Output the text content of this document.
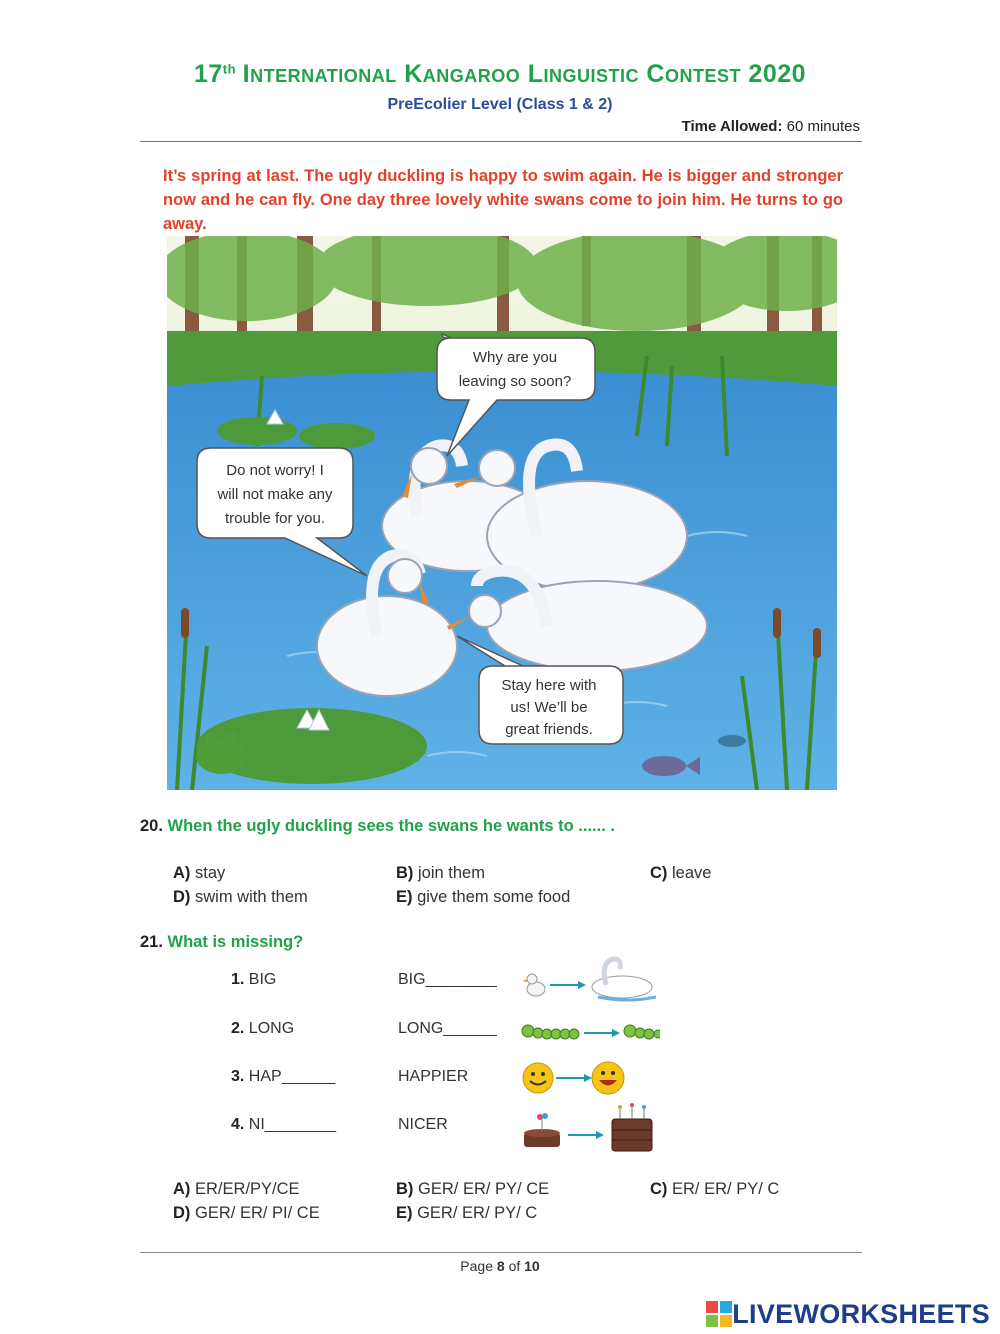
17th International Kangaroo Linguistic Contest 2020
PreEcolier Level (Class 1 & 2)
Time Allowed: 60 minutes
It’s spring at last. The ugly duckling is happy to swim again. He is bigger and stronger now and he can fly. One day three lovely white swans come to join him. He turns to go away.
Why are you
leaving so soon?
Do not worry! I
will not make any
trouble for you.
Stay here with
us! We’ll be
great friends.
20. When the ugly duckling sees the swans he wants to ...... .
A) stay	B) join them	C) leave
D) swim with them	E) give them some food
21. What is missing?
1. BIG	BIG________
2. LONG	LONG______
3. HAP______	HAPPIER
4. NI________	NICER
A) ER/ER/PY/CE	B) GER/ ER/ PY/ CE	C) ER/ ER/ PY/ C
D) GER/ ER/ PI/ CE	E) GER/ ER/ PY/ C
Page 8 of 10
LIVEWORKSHEETS
